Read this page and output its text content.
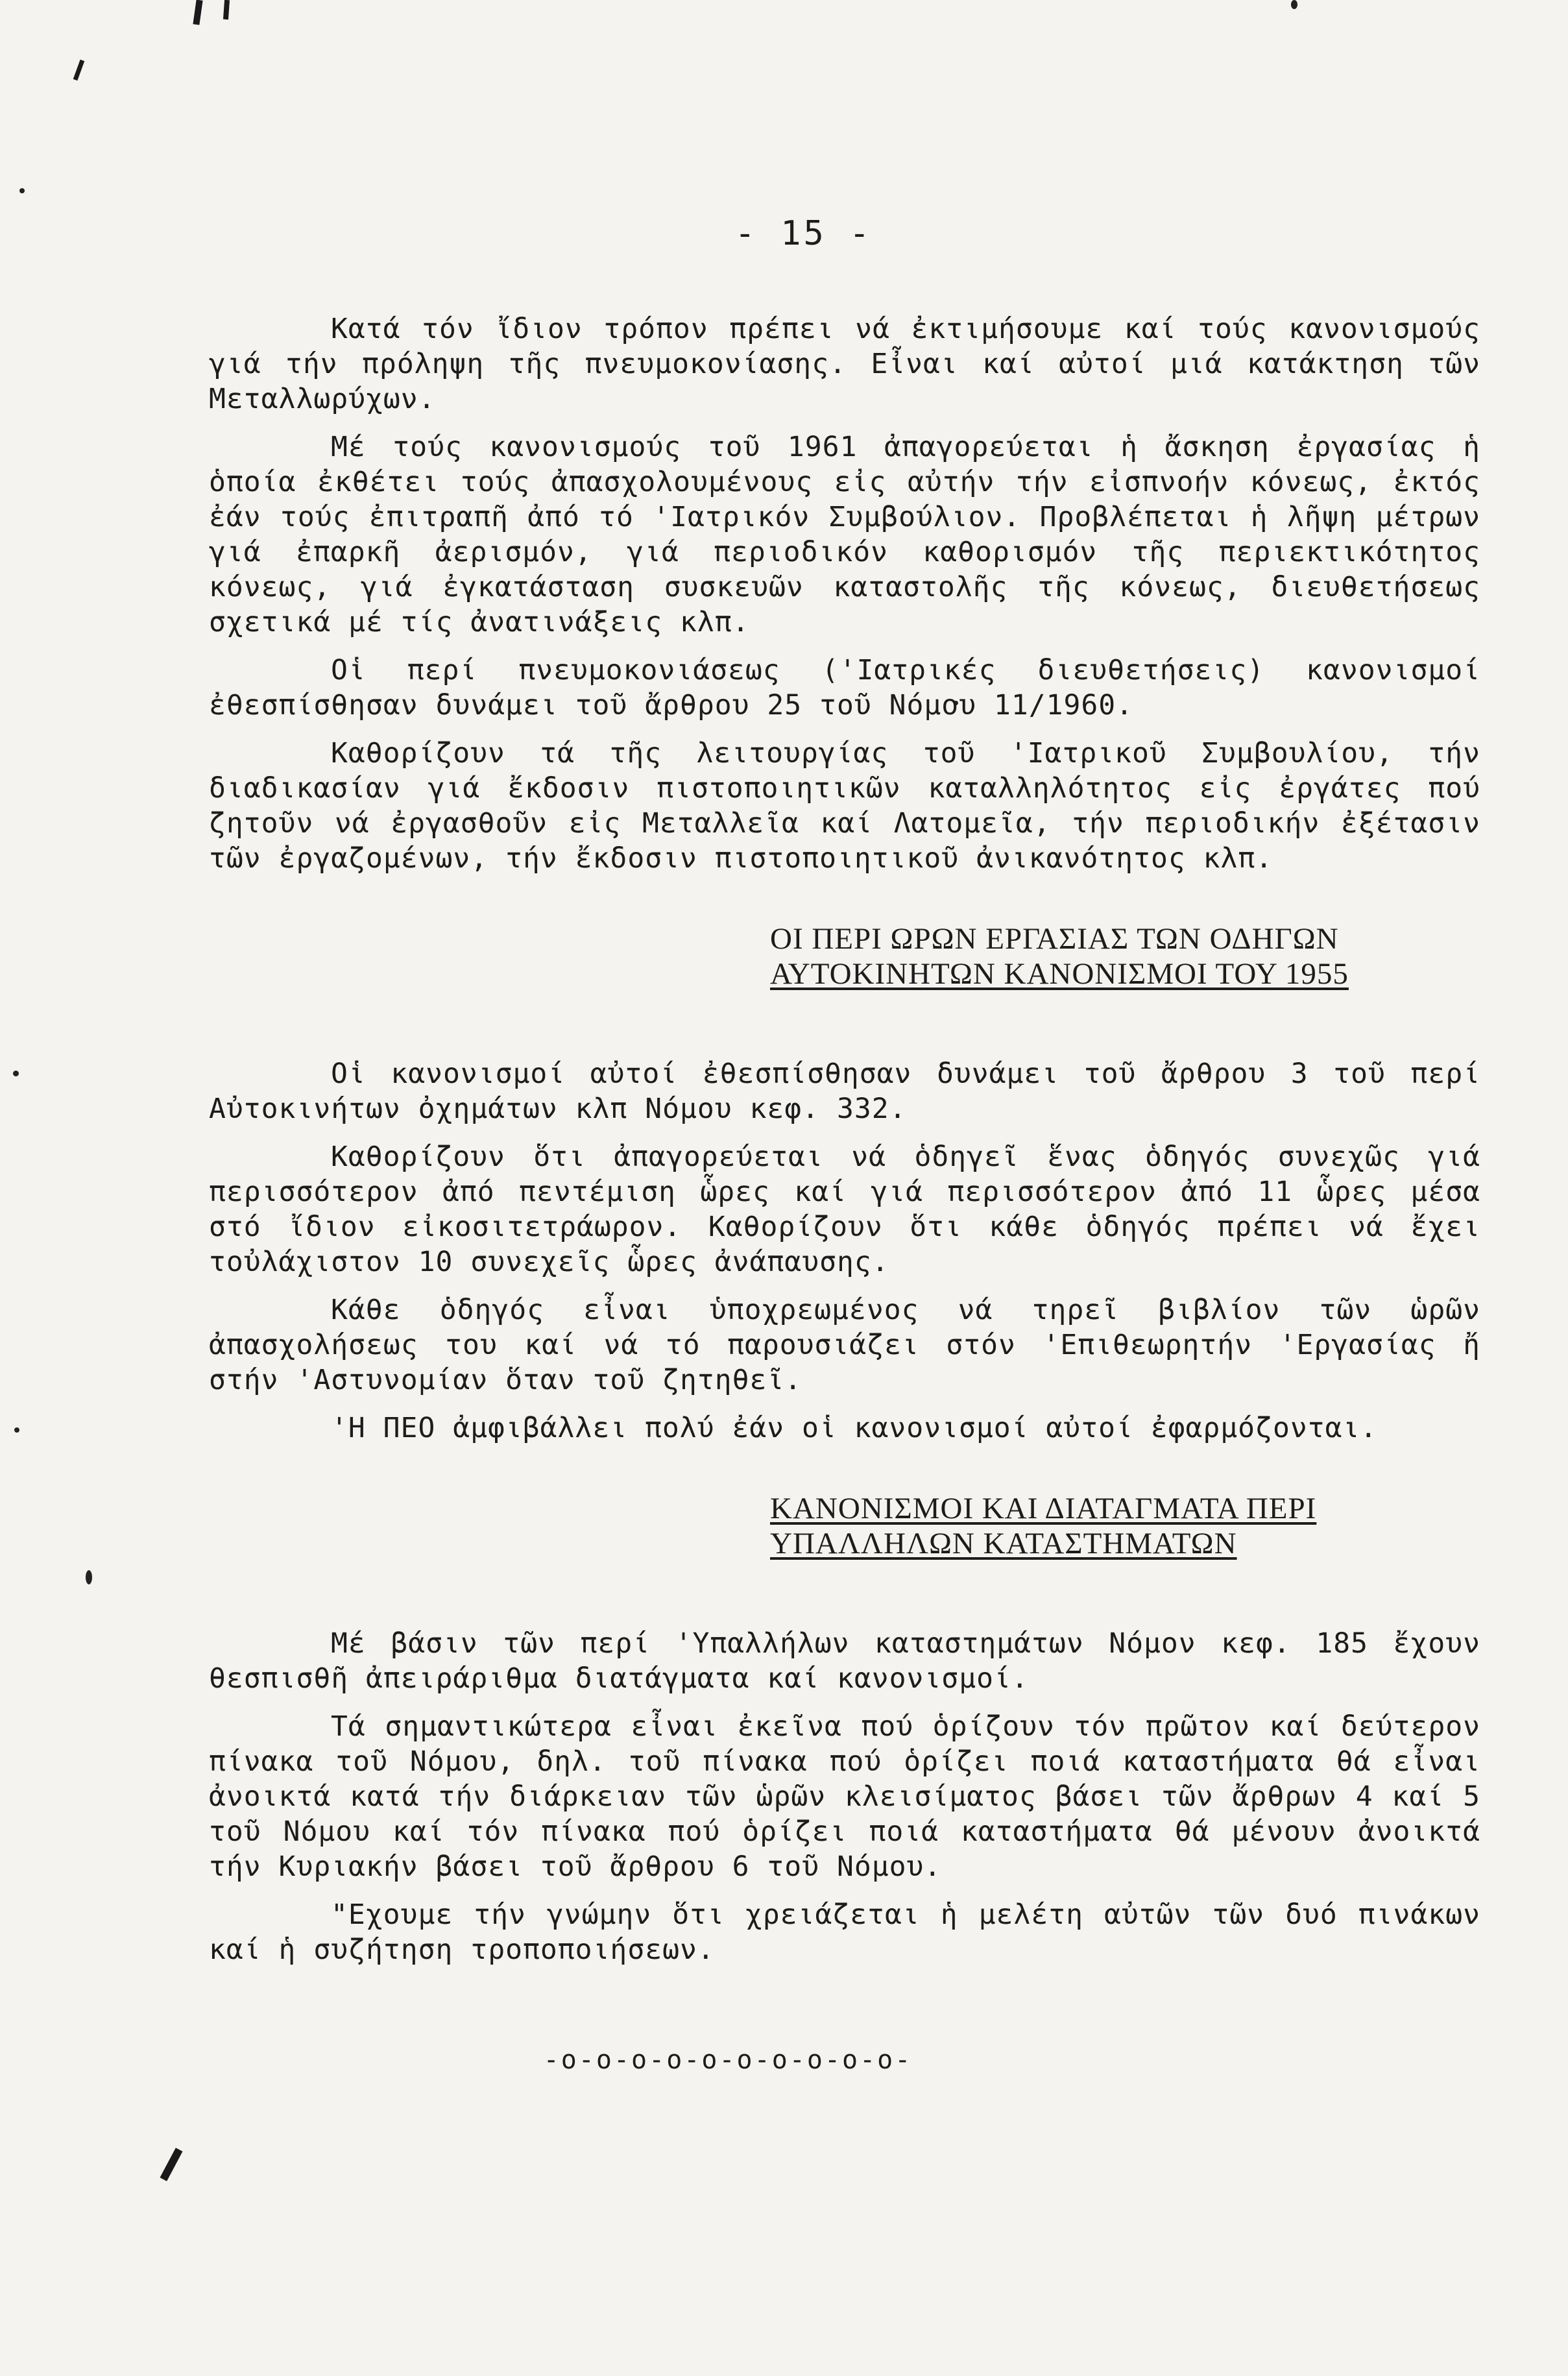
- 15 -

Κατά τόν ἴδιον τρόπον πρέπει νά ἐκτιμήσουμε καί τούς κανονισμούς γιά τήν πρόληψη τῆς πνευμοκονίασης. Εἶναι καί αὐτοί μιά κατάκτηση τῶν Μεταλλωρύχων.

Μέ τούς κανονισμούς τοῦ 1961 ἀπαγορεύεται ἡ ἄσκηση ἐργασίας ἡ ὁποία ἐκθέτει τούς ἀπασχολουμένους εἰς αὐτήν τήν εἰσπνοήν κόνεως, ἐκτός ἐάν τούς ἐπιτραπῆ ἀπό τό 'Ιατρικόν Συμβούλιον. Προβλέπεται ἡ λῆψη μέτρων γιά ἐπαρκῆ ἀερισμόν, γιά περιοδικόν καθορισμόν τῆς περιεκτικότητος κόνεως, γιά ἐγκατάσταση συσκευῶν καταστολῆς τῆς κόνεως, διευθετήσεως σχετικά μέ τίς ἀνατινάξεις κλπ.

Οἱ περί πνευμοκονιάσεως ('Ιατρικές διευθετήσεις) κανονισμοί ἐθεσπίσθησαν δυνάμει τοῦ ἄρθρου 25 τοῦ Νόμου 11/1960.

Καθορίζουν τά τῆς λειτουργίας τοῦ 'Ιατρικοῦ Συμβουλίου, τήν διαδικασίαν γιά ἔκδοσιν πιστοποιητικῶν καταλληλότητος εἰς ἐργάτες πού ζητοῦν νά ἐργασθοῦν εἰς Μεταλλεῖα καί Λατομεῖα, τήν περιοδικήν ἐξέτασιν τῶν ἐργαζομένων, τήν ἔκδοσιν πιστοποιητικοῦ ἀνικανότητος κλπ.

ΟΙ ΠΕΡΙ ΩΡΩΝ ΕΡΓΑΣΙΑΣ ΤΩΝ ΟΔΗΓΩΝ
ΑΥΤΟΚΙΝΗΤΩΝ ΚΑΝΟΝΙΣΜΟΙ ΤΟΥ 1955

Οἱ κανονισμοί αὐτοί ἐθεσπίσθησαν δυνάμει τοῦ ἄρθρου 3 τοῦ περί Αὐτοκινήτων ὀχημάτων κλπ Νόμου κεφ. 332.

Καθορίζουν ὅτι ἀπαγορεύεται νά ὁδηγεῖ ἕνας ὁδηγός συνεχῶς γιά περισσότερον ἀπό πεντέμιση ὧρες καί γιά περισσότερον ἀπό 11 ὧρες μέσα στό ἴδιον εἰκοσιτετράωρον. Καθορίζουν ὅτι κάθε ὁδηγός πρέπει νά ἔχει τοὐλάχιστον 10 συνεχεῖς ὧρες ἀνάπαυσης.

Κάθε ὁδηγός εἶναι ὑποχρεωμένος νά τηρεῖ βιβλίον τῶν ὡρῶν ἀπασχολήσεως του καί νά τό παρουσιάζει στόν 'Επιθεωρητήν 'Εργασίας ἤ στήν 'Αστυνομίαν ὅταν τοῦ ζητηθεῖ.

'Η ΠΕΟ ἀμφιβάλλει πολύ ἐάν οἱ κανονισμοί αὐτοί ἐφαρμόζονται.

ΚΑΝΟΝΙΣΜΟΙ ΚΑΙ ΔΙΑΤΑΓΜΑΤΑ ΠΕΡΙ
ΥΠΑΛΛΗΛΩΝ ΚΑΤΑΣΤΗΜΑΤΩΝ

Μέ βάσιν τῶν περί 'Υπαλλήλων καταστημάτων Νόμον κεφ. 185 ἔχουν θεσπισθῆ ἀπειράριθμα διατάγματα καί κανονισμοί.

Τά σημαντικώτερα εἶναι ἐκεῖνα πού ὁρίζουν τόν πρῶτον καί δεύτερον πίνακα τοῦ Νόμου, δηλ. τοῦ πίνακα πού ὁρίζει ποιά καταστήματα θά εἶναι ἀνοικτά κατά τήν διάρκειαν τῶν ὡρῶν κλεισίματος βάσει τῶν ἄρθρων 4 καί 5 τοῦ Νόμου καί τόν πίνακα πού ὁρίζει ποιά καταστήματα θά μένουν ἀνοικτά τήν Κυριακήν βάσει τοῦ ἄρθρου 6 τοῦ Νόμου.

"Εχουμε τήν γνώμην ὅτι χρειάζεται ἡ μελέτη αὐτῶν τῶν δυό πινάκων καί ἡ συζήτηση τροποποιήσεων.

-o-o-o-o-o-o-o-o-o-o-
